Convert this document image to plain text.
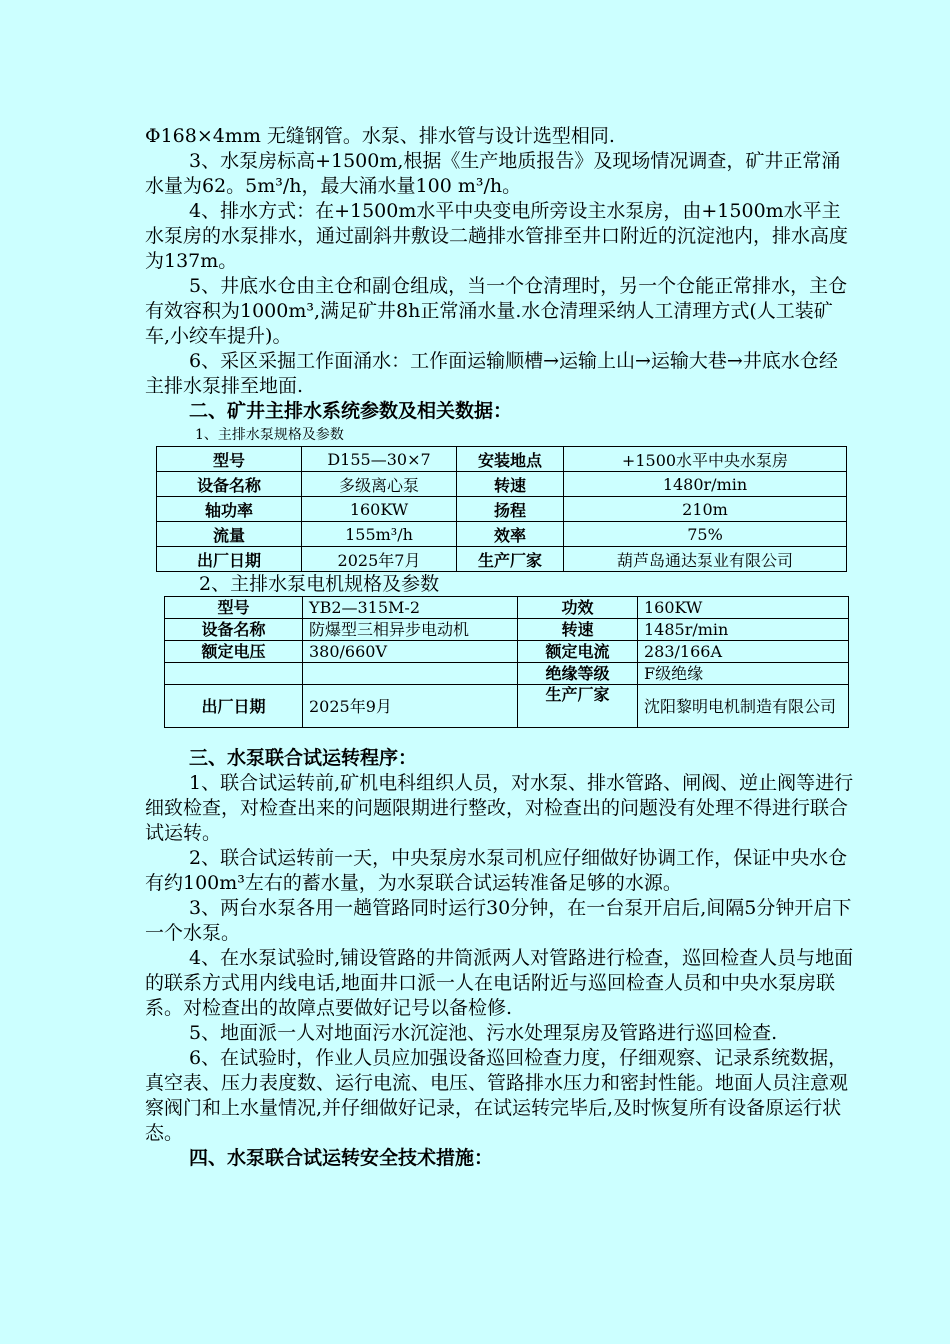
Φ168×4mm 无缝钢管。水泵、排水管与设计选型相同.

3、水泵房标高+1500m,根据《生产地质报告》及现场情况调查，矿井正常涌水量为62。5m³/h，最大涌水量100 m³/h。

4、排水方式：在+1500m水平中央变电所旁设主水泵房，由+1500m水平主水泵房的水泵排水，通过副斜井敷设二趟排水管排至井口附近的沉淀池内，排水高度为137m。

5、井底水仓由主仓和副仓组成，当一个仓清理时，另一个仓能正常排水，主仓有效容积为1000m³,满足矿井8h正常涌水量.水仓清理采纳人工清理方式(人工装矿车,小绞车提升)。

6、采区采掘工作面涌水：工作面运输顺槽→运输上山→运输大巷→井底水仓经主排水泵排至地面.

二、矿井主排水系统参数及相关数据：

1、主排水泵规格及参数

型号	D155—30×7	安装地点	+1500水平中央水泵房
设备名称	多级离心泵	转速	1480r/min
轴功率	160KW	扬程	210m
流量	155m³/h	效率	75%
出厂日期	2025年7月	生产厂家	葫芦岛通达泵业有限公司

2、主排水泵电机规格及参数

型号	YB2—315M-2	功效	160KW
设备名称	防爆型三相异步电动机	转速	1485r/min
额定电压	380/660V	额定电流	283/166A
		绝缘等级	F级绝缘
出厂日期	2025年9月	生产厂家	沈阳黎明电机制造有限公司

三、水泵联合试运转程序：

1、联合试运转前,矿机电科组织人员，对水泵、排水管路、闸阀、逆止阀等进行细致检查，对检查出来的问题限期进行整改，对检查出的问题没有处理不得进行联合试运转。

2、联合试运转前一天，中央泵房水泵司机应仔细做好协调工作，保证中央水仓有约100m³左右的蓄水量，为水泵联合试运转准备足够的水源。

3、两台水泵各用一趟管路同时运行30分钟，在一台泵开启后,间隔5分钟开启下一个水泵。

4、在水泵试验时,铺设管路的井筒派两人对管路进行检查，巡回检查人员与地面的联系方式用内线电话,地面井口派一人在电话附近与巡回检查人员和中央水泵房联系。对检查出的故障点要做好记号以备检修.

5、地面派一人对地面污水沉淀池、污水处理泵房及管路进行巡回检查.

6、在试验时，作业人员应加强设备巡回检查力度，仔细观察、记录系统数据，真空表、压力表度数、运行电流、电压、管路排水压力和密封性能。地面人员注意观察阀门和上水量情况,并仔细做好记录，在试运转完毕后,及时恢复所有设备原运行状态。

四、水泵联合试运转安全技术措施：
